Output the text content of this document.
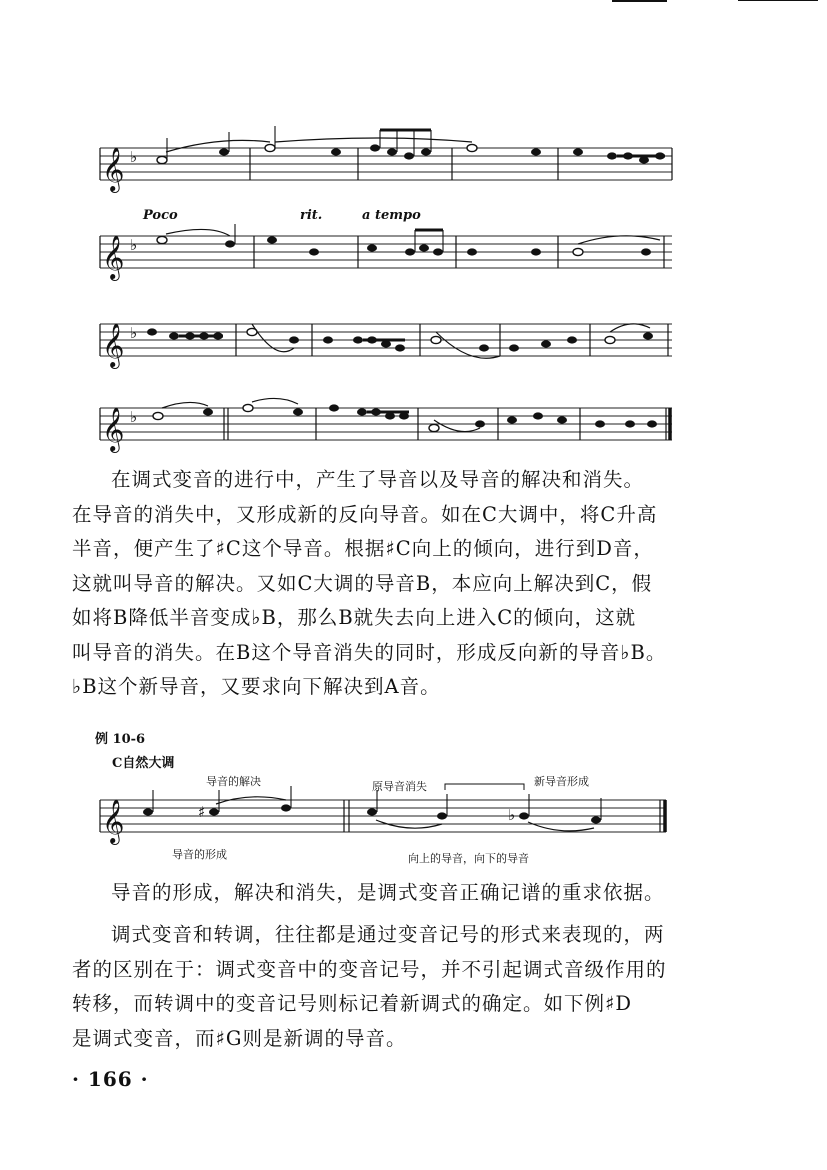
𝄞 ♭
Poco	rit.	a tempo
𝄞 ♭
𝄞 ♭
𝄞 ♭

在调式变音的进行中，产生了导音以及导音的解决和消失。

在导音的消失中，又形成新的反向导音。如在C大调中，将C升高

半音，便产生了♯C这个导音。根据♯C向上的倾向，进行到D音，

这就叫导音的解决。又如C大调的导音B，本应向上解决到C，假

如将B降低半音变成♭B，那么B就失去向上进入C的倾向，这就

叫导音的消失。在B这个导音消失的同时，形成反向新的导音♭B。

♭B这个新导音，又要求向下解决到A音。

例 10-6
C自然大调
导音的解决	原导音消失	新导音形成
导音的形成	向上的导音，向下的导音
𝄞	♯	♭

导音的形成，解决和消失，是调式变音正确记谱的重求依据。

调式变音和转调，往往都是通过变音记号的形式来表现的，两

者的区别在于：调式变音中的变音记号，并不引起调式音级作用的

转移，而转调中的变音记号则标记着新调式的确定。如下例♯D

是调式变音，而♯G则是新调的导音。

· 166 ·
